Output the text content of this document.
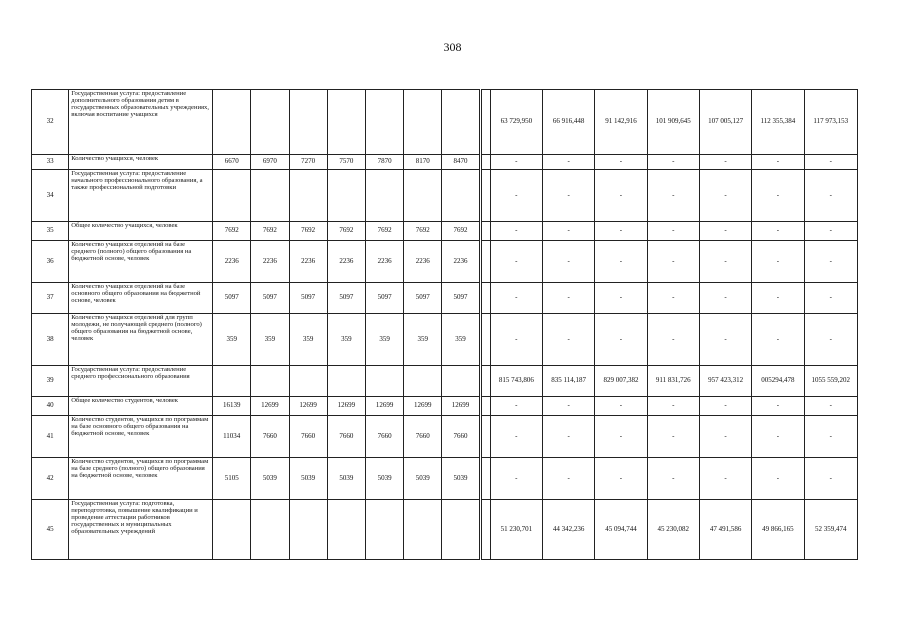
308
32	Государственная услуга: предоставление дополнительного образования детям в государственных образовательных учреждениях, включая воспитание учащихся									63 729,950	66 916,448	91 142,916	101 909,645	107 005,127	112 355,384	117 973,153
33	Количество учащихся, человек	6670	6970	7270	7570	7870	8170	8470		-	-	-	-	-	-	-
34	Государственная услуга: предоставление начального профессионального образования, а также профессиональной подготовки									-	-	-	-	-	-	-
35	Общее количество учащихся, человек	7692	7692	7692	7692	7692	7692	7692		-	-	-	-	-	-	-
36	Количество учащихся отделений на базе среднего (полного) общего образования на бюджетной основе, человек	2236	2236	2236	2236	2236	2236	2236		-	-	-	-	-	-	-
37	Количество учащихся отделений на базе основного общего образования на бюджетной основе, человек	5097	5097	5097	5097	5097	5097	5097		-	-	-	-	-	-	-
38	Количество учащихся отделений для групп молодежи, не получающей среднего (полного) общего образования на бюджетной основе, человек	359	359	359	359	359	359	359		-	-	-	-	-	-	-
39	Государственная услуга: предоставление среднего профессионального образования									815 743,806	835 114,187	829 007,382	911 831,726	957 423,312	005294,478	1055 559,202
40	Общее количество студентов, человек	16139	12699	12699	12699	12699	12699	12699		-	-	-	-	-	-	-
41	Количество студентов, учащихся по программам на базе основного общего образования на бюджетной основе, человек	11034	7660	7660	7660	7660	7660	7660		-	-	-	-	-	-	-
42	Количество студентов, учащихся по программам на базе среднего (полного) общего образования на бюджетной основе, человек	5105	5039	5039	5039	5039	5039	5039		-	-	-	-	-	-	-
45	Государственная услуга: подготовка, переподготовка, повышение квалификации и проведение аттестации работников государственных и муниципальных образовательных учреждений									51 230,701	44 342,236	45 094,744	45 230,082	47 491,586	49 866,165	52 359,474
